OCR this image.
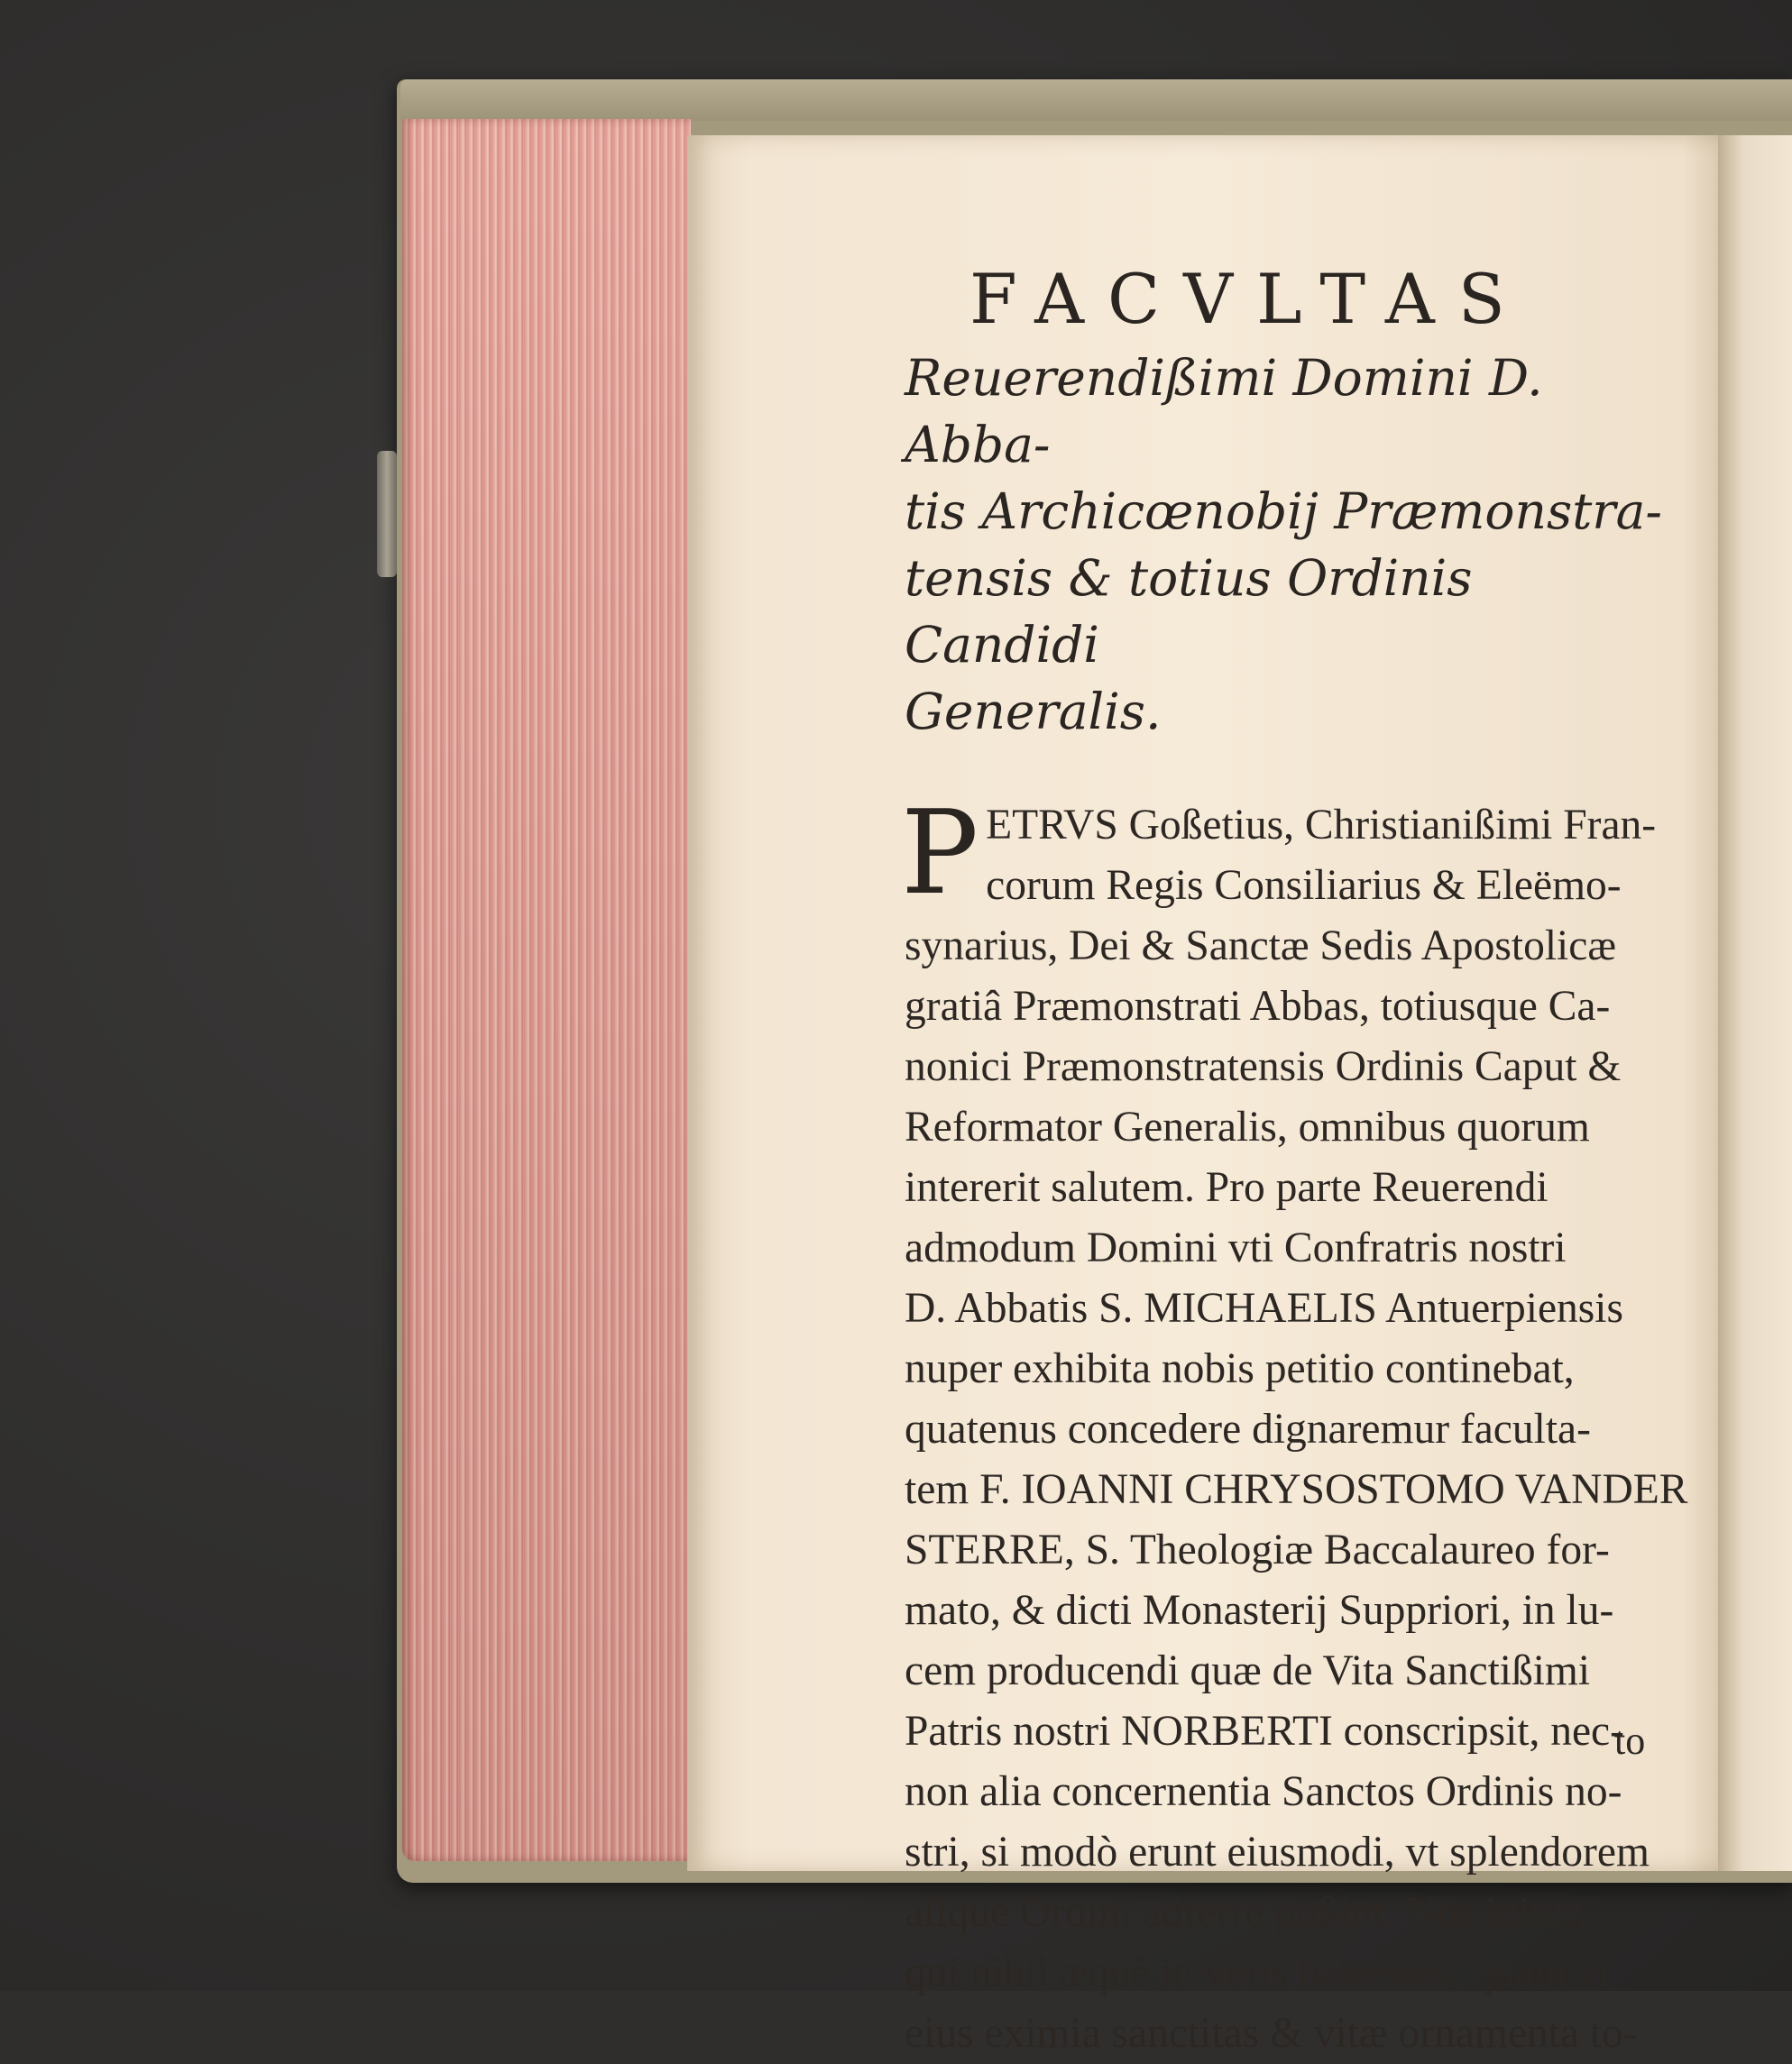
FACVLTAS
Reuerendißimi Domini D. Abba-
tis Archicœnobij Præmonstra-
tensis & totius Ordinis Candidi
Generalis.
P ETRVS Goßetius, Christianißimi Fran-
corum Regis Consiliarius & Eleëmo-
synarius, Dei & Sanctæ Sedis Apostolicæ
gratiâ Præmonstrati Abbas, totiusque Ca-
nonici Præmonstratensis Ordinis Caput &
Reformator Generalis, omnibus quorum
intererit salutem. Pro parte Reuerendi
admodum Domini vti Confratris nostri
D. Abbatis S. MICHAELIS Antuerpiensis
nuper exhibita nobis petitio continebat,
quatenus concedere dignaremur faculta-
tem F. IOANNI CHRYSOSTOMO VANDER
STERRE, S. Theologiæ Baccalaureo for-
mato, & dicti Monasterij Suppriori, in lu-
cem producendi quæ de Vita Sanctißimi
Patris nostri NORBERTI conscripsit, nec-
non alia concernentia Sanctos Ordinis no-
stri, si modò erunt eiusmodi, vt splendorem
aliquē Ordini adferre poßint. Nos igitur,
qui nihil æquè in votis habemus, quàm vt
eius eximia sanctitas & vitæ ornamenta to-
to
